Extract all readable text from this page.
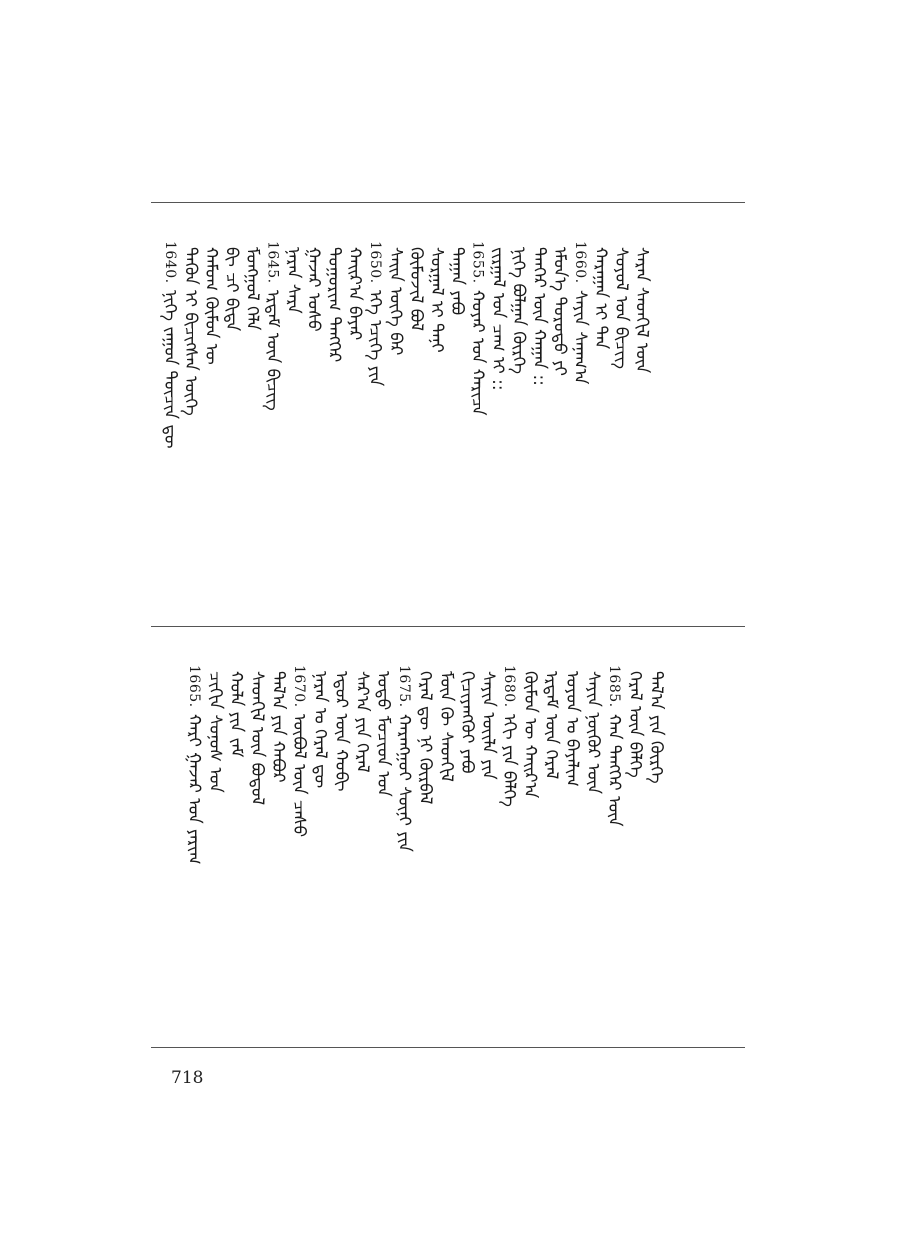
1640.ᠨᠢᠭᠡ ᠵᠠᠭᠤᠨ ᠳᠥᠴᠢᠨ ᠳᠦ ᠲᠡᠭᠦᠨ ᠢ ᠪᠢᠴᠢᠭᠰᠡᠨ ᠦᠭᠡ ᠬᠠᠮᠤᠭ ᠬᠦᠮᠦᠨ ᠦ ᠪᠢ ᠴᠢ ᠪᠢᠳᠡ ᠮᠣᠩᠭᠣᠯ ᠬᠡᠯᠡ 1645.ᠡᠷᠳᠡᠮ ᠦᠨ ᠪᠢᠴᠢᠭ
ᠨᠠᠷᠠᠨ ᠰᠠᠷᠠ ᠭᠠᠵᠠᠷ ᠤᠰᠤ ᠲᠣᠭᠣᠷᠢᠭ ᠲᠡᠩᠭᠡᠷ ᠬᠠᠢᠷ᠎ᠠ ᠪᠠᠶᠠᠷ 1650.ᠡᠬᠡ ᠡᠴᠢᠭᠡ ᠶᠢᠨ ᠰᠠᠢᠨ ᠦᠭᠡ ᠪᠡᠷ ᠬᠦᠮᠦᠵᠢᠯ ᠪᠣᠯ ᠰᠤᠷᠭᠠᠯ ᠢ ᠲᠠᠨᠢ ᠳᠠᠭᠠᠨ ᠶᠠᠪᠤ 1655.ᠬᠣᠶᠠᠷ ᠤᠨ ᠬᠠᠷᠢᠴᠠ ᠵᠢᠷᠭᠠᠯ ᠤᠨ ᠴᠠᠭ ᠢ :: ᠨᠢᠭᠡ ᠪᠣᠯᠭᠠᠨ ᠬᠦᠷᠭᠡ ᠲᠡᠨᠭᠡᠷ ᠦᠨ ᠬᠠᠭᠠᠨ :: ᠡᠮᠦᠨ᠎ᠡ ᠳᠣᠷᠣᠳᠤ ᠶᠢ 1660.ᠰᠠᠶᠢᠨ ᠰᠠᠨᠠᠭ᠎ᠠ ᠬᠠᠷᠠᠭᠠᠨ ᠢ ᠲᠠᠨ ᠰᠣᠶᠣᠯ ᠤᠨ ᠪᠢᠴᠢᠭ ᠰᠠᠷᠠᠨ ᠰᠡᠳᠬᠢᠯ ᠦᠨ
1665.ᠬᠠᠷᠢ ᠭᠠᠵᠠᠷ ᠤᠨ ᠶᠠᠷᠢᠭ ᠴᠢᠬᠢᠨ ᠰᠣᠨᠣᠰ ᠤᠨ ᠬᠣᠯᠠ ᠶᠢᠨ ᠵᠠᠮ ᠰᠡᠳᠬᠢᠯ ᠦᠨ ᠪᠣᠳᠣᠯ ᠲᠠᠯ᠎ᠠ ᠶᠢᠨ ᠬᠠᠪᠤᠷ 1670.ᠦᠪᠦᠯ ᠦᠨ ᠴᠠᠰᠤ ᠨᠠᠷᠠᠨ ᠤ ᠭᠡᠷᠡᠯ ᠳᠦ ᠡᠳᠦᠷ ᠦᠨ ᠬᠤᠪᠢ ᠰᠠᠷ᠎ᠠ ᠶᠢᠨ ᠭᠡᠷᠡᠯ ᠣᠳᠣ ᠮᠣᠴᠢᠳ ᠤᠨ 1675.ᠬᠠᠷᠠᠩᠭᠤᠢ ᠰᠥᠨᠢ ᠶᠢᠨ ᠭᠡᠷᠡᠯ ᠳᠦ ᠨᠢ ᠬᠦᠷᠪᠡᠯ ᠮᠥᠨ ᠬᠦ ᠰᠡᠳᠬᠢᠯ ᠬᠢᠴᠢᠶᠡᠩᠭᠦᠢ ᠶᠠᠪᠤ ᠰᠠᠶᠢᠨ ᠦᠢᠯᠡ ᠶᠢᠨ 1680.ᠡᠬᠢ ᠶᠢᠨ ᠪᠡᠯᠭᠡ ᠬᠦᠮᠦᠨ ᠦ ᠬᠠᠢᠷ᠎ᠠ ᠡᠷᠳᠡᠮ ᠦᠨ ᠭᠡᠷᠡᠯ ᠣᠶᠤᠨ ᠤ ᠪᠠᠶᠠᠯᠢᠭ ᠰᠠᠶᠢᠨ ᠨᠥᠬᠦᠷ ᠦᠨ 1685.ᠬᠠᠨ ᠲᠡᠩᠭᠡᠷ ᠦᠨ ᠭᠡᠷᠡᠯ ᠦᠨ ᠪᠡᠯᠭᠡ ᠲᠠᠯ᠎ᠠ ᠶᠢᠨ ᠬᠦᠷᠭᠡ
718
